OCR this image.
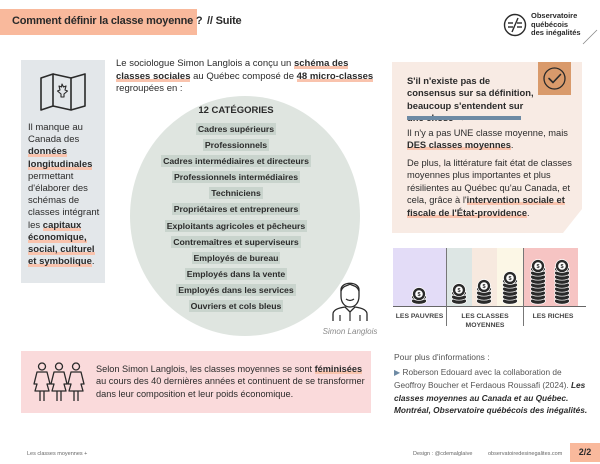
Comment définir la classe moyenne ? // Suite	Observatoire
québécois
des inégalités
Il manque au Canada des données longitudinales permettant d'élaborer des schémas de classes intégrant les capitaux économique, social, culturel et symbolique.
Le sociologue Simon Langlois a conçu un schéma des classes sociales au Québec composé de 48 micro-classes regroupées en :
12 CATÉGORIES
Cadres supérieurs
Professionnels
Cadres intermédiaires et directeurs
Professionnels intermédiaires
Techniciens
Propriétaires et entrepreneurs
Exploitants agricoles et pêcheurs
Contremaîtres et superviseurs
Employés de bureau
Employés dans la vente
Employés dans les services
Ouvriers et cols bleus
Simon Langlois
S'il n'existe pas de consensus sur sa définition, beaucoup s'entendent sur
Il n'y a pas UNE classe moyenne, mais DES classes moyennes.
De plus, la littérature fait état de classes moyennes plus importantes et plus résilientes au Québec qu'au Canada, et cela, grâce à l'intervention sociale et fiscale de l'État-providence.
$
$
$
$
$	$
LES PAUVRES	LES CLASSES MOYENNES
LES RICHES
Selon Simon Langlois, les classes moyennes se sont féminisées au cours des 40 dernières années et continuent de se transformer dans leur composition et leur poids économique.
Pour plus d'informations :
▶ Roberson Edouard avec la collaboration de Geoffroy Boucher et Ferdaous Roussafi (2024). Les classes moyennes au Canada et au Québec. Montréal, Observatoire québécois des inégalités.
Les classes moyennes +	Design : @cdemalglaive	observatoiredesinegalites.com	2/2
